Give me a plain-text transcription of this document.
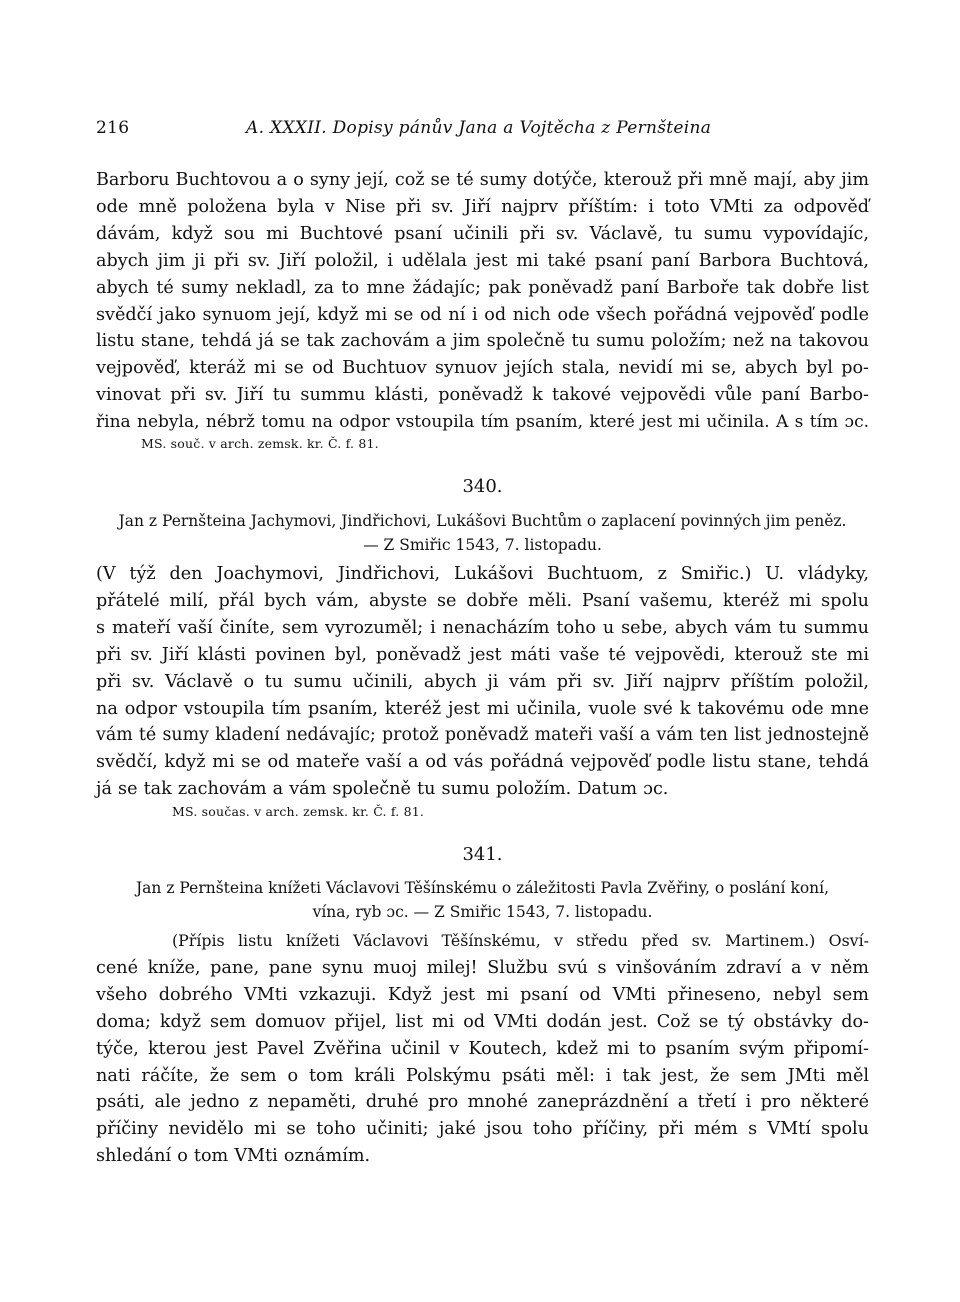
216	A. XXXII. Dopisy pánův Jana a Vojtěcha z Pernšteina
Barboru Buchtovou a o syny její, což se té sumy dotýče, kterouž při mně mají, aby jim
ode mně položena byla v Nise při sv. Jiří najprv příštím: i toto VMti za odpověď
dávám, když sou mi Buchtové psaní učinili při sv. Václavě, tu sumu vypovídajíc,
abych jim ji při sv. Jiří položil, i udělala jest mi také psaní paní Barbora Buchtová,
abych té sumy nekladl, za to mne žádajíc; pak poněvadž paní Barboře tak dobře list
svědčí jako synuom její, když mi se od ní i od nich ode všech pořádná vejpověď podle
listu stane, tehdá já se tak zachovám a jim společně tu sumu položím; než na takovou
vejpověď, kteráž mi se od Buchtuov synuov jejích stala, nevidí mi se, abych byl po-
vinovat při sv. Jiří tu summu klásti, poněvadž k takové vejpovědi vůle paní Barbo-
řina nebyla, nébrž tomu na odpor vstoupila tím psaním, které jest mi učinila. A s tím ɔc.
MS. souč. v arch. zemsk. kr. Č. f. 81.
340.
Jan z Pernšteina Jachymovi, Jindřichovi, Lukášovi Buchtům o zaplacení povinných jim peněz.
— Z Smiřic 1543, 7. listopadu.
(V týž den Joachymovi, Jindřichovi, Lukášovi Buchtuom, z Smiřic.) U. vládyky,
přátelé milí, přál bych vám, abyste se dobře měli. Psaní vašemu, kteréž mi spolu
s mateří vaší činíte, sem vyrozuměl; i nenacházím toho u sebe, abych vám tu summu
při sv. Jiří klásti povinen byl, poněvadž jest máti vaše té vejpovědi, kterouž ste mi
při sv. Václavě o tu sumu učinili, abych ji vám při sv. Jiří najprv příštím položil,
na odpor vstoupila tím psaním, kteréž jest mi učinila, vuole své k takovému ode mne
vám té sumy kladení nedávajíc; protož poněvadž mateři vaší a vám ten list jednostejně
svědčí, když mi se od mateře vaší a od vás pořádná vejpověď podle listu stane, tehdá
já se tak zachovám a vám společně tu sumu položím. Datum ɔc.
MS. součas. v arch. zemsk. kr. Č. f. 81.
341.
Jan z Pernšteina knížeti Václavovi Těšínskému o záležitosti Pavla Zvěřiny, o poslání koní,
vína, ryb ɔc. — Z Smiřic 1543, 7. listopadu.
(Přípis listu knížeti Václavovi Těšínskému, v středu před sv. Martinem.) Osví-
cené kníže, pane, pane synu muoj milej! Službu svú s vinšováním zdraví a v něm
všeho dobrého VMti vzkazuji. Když jest mi psaní od VMti přineseno, nebyl sem
doma; když sem domuov přijel, list mi od VMti dodán jest. Což se tý obstávky do-
týče, kterou jest Pavel Zvěřina učinil v Koutech, kdež mi to psaním svým připomí-
nati ráčíte, že sem o tom králi Polskýmu psáti měl: i tak jest, že sem JMti měl
psáti, ale jedno z nepaměti, druhé pro mnohé zaneprázdnění a třetí i pro některé
příčiny nevidělo mi se toho učiniti; jaké jsou toho příčiny, při mém s VMtí spolu
shledání o tom VMti oznámím.
